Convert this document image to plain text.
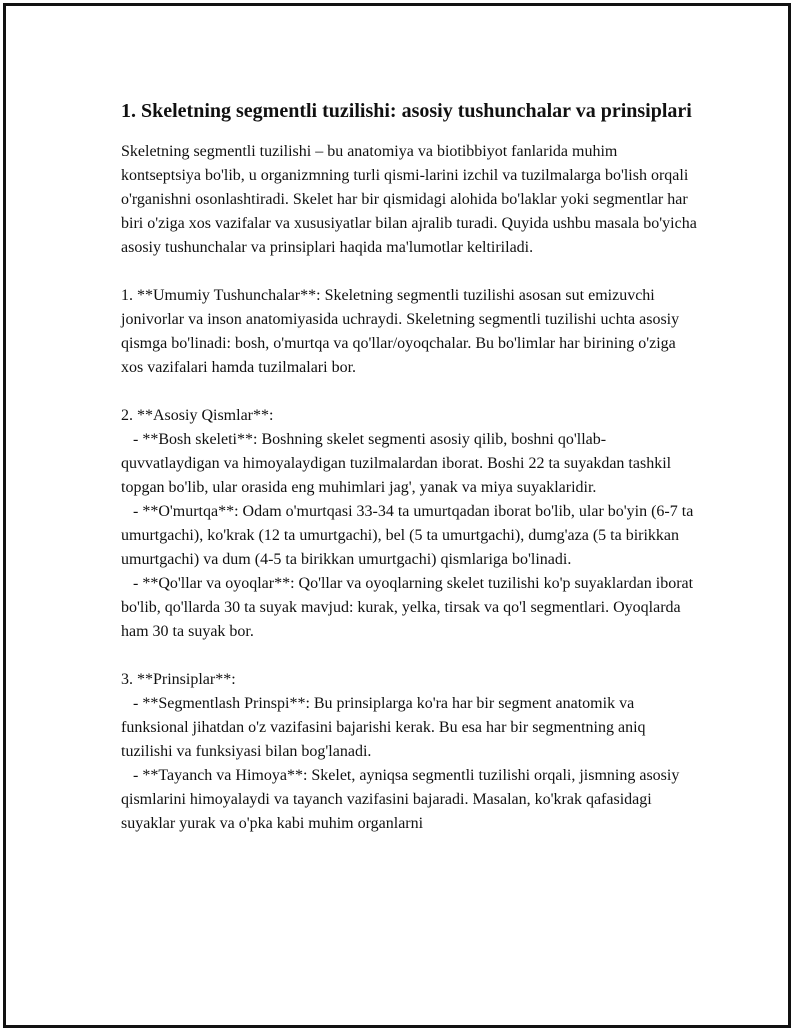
1. Skeletning segmentli tuzilishi: asosiy tushunchalar va prinsiplari

Skeletning segmentli tuzilishi – bu anatomiya va biotibbiyot fanlarida muhim kontseptsiya bo'lib, u organizmning turli qismi-larini izchil va tuzilmalarga bo'lish orqali o'rganishni osonlashtiradi. Skelet har bir qismidagi alohida bo'laklar yoki segmentlar har biri o'ziga xos vazifalar va xususiyatlar bilan ajralib turadi. Quyida ushbu masala bo'yicha asosiy tushunchalar va prinsiplari haqida ma'lumotlar keltiriladi.

1. **Umumiy Tushunchalar**: Skeletning segmentli tuzilishi asosan sut emizuvchi jonivorlar va inson anatomiyasida uchraydi. Skeletning segmentli tuzilishi uchta asosiy qismga bo'linadi: bosh, o'murtqa va qo'llar/oyoqchalar. Bu bo'limlar har birining o'ziga xos vazifalari hamda tuzilmalari bor.

2. **Asosiy Qismlar**:
- **Bosh skeleti**: Boshning skelet segmenti asosiy qilib, boshni qo'llab-quvvatlaydigan va himoyalaydigan tuzilmalardan iborat. Boshi 22 ta suyakdan tashkil topgan bo'lib, ular orasida eng muhimlari jag', yanak va miya suyaklaridir.
- **O'murtqa**: Odam o'murtqasi 33-34 ta umurtqadan iborat bo'lib, ular bo'yin (6-7 ta umurtgachi), ko'krak (12 ta umurtgachi), bel (5 ta umurtgachi), dumg'aza (5 ta birikkan umurtgachi) va dum (4-5 ta birikkan umurtgachi) qismlariga bo'linadi.
- **Qo'llar va oyoqlar**: Qo'llar va oyoqlarning skelet tuzilishi ko'p suyaklardan iborat bo'lib, qo'llarda 30 ta suyak mavjud: kurak, yelka, tirsak va qo'l segmentlari. Oyoqlarda ham 30 ta suyak bor.

3. **Prinsiplar**:
- **Segmentlash Prinspi**: Bu prinsiplarga ko'ra har bir segment anatomik va funksional jihatdan o'z vazifasini bajarishi kerak. Bu esa har bir segmentning aniq tuzilishi va funksiyasi bilan bog'lanadi.
- **Tayanch va Himoya**: Skelet, ayniqsa segmentli tuzilishi orqali, jismning asosiy qismlarini himoyalaydi va tayanch vazifasini bajaradi. Masalan, ko'krak qafasidagi suyaklar yurak va o'pka kabi muhim organlarni
